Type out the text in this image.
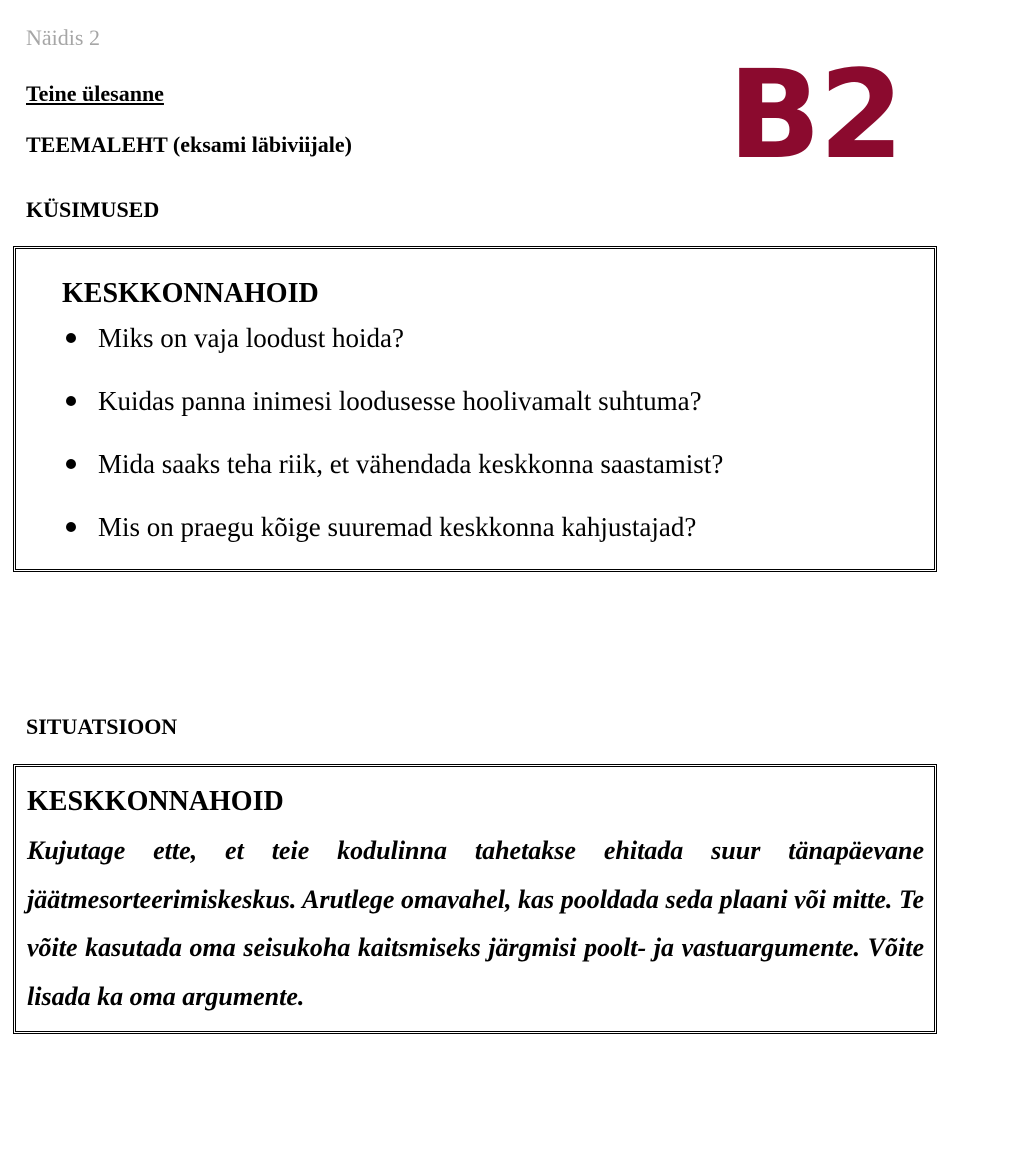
Näidis 2
Teine ülesanne
TEEMALEHT (eksami läbiviijale)	B2
KÜSIMUSED
KESKKONNAHOID
Miks on vaja loodust hoida?
Kuidas panna inimesi loodusesse hoolivamalt suhtuma?
Mida saaks teha riik, et vähendada keskkonna saastamist?
Mis on praegu kõige suuremad keskkonna kahjustajad?
SITUATSIOON
KESKKONNAHOID

Kujutage ette, et teie kodulinna tahetakse ehitada suur tänapäevane jäätmesorteerimiskeskus. Arutlege omavahel, kas pooldada seda plaani või mitte. Te võite kasutada oma seisukoha kaitsmiseks järgmisi poolt- ja vastuargumente. Võite lisada ka oma argumente.
